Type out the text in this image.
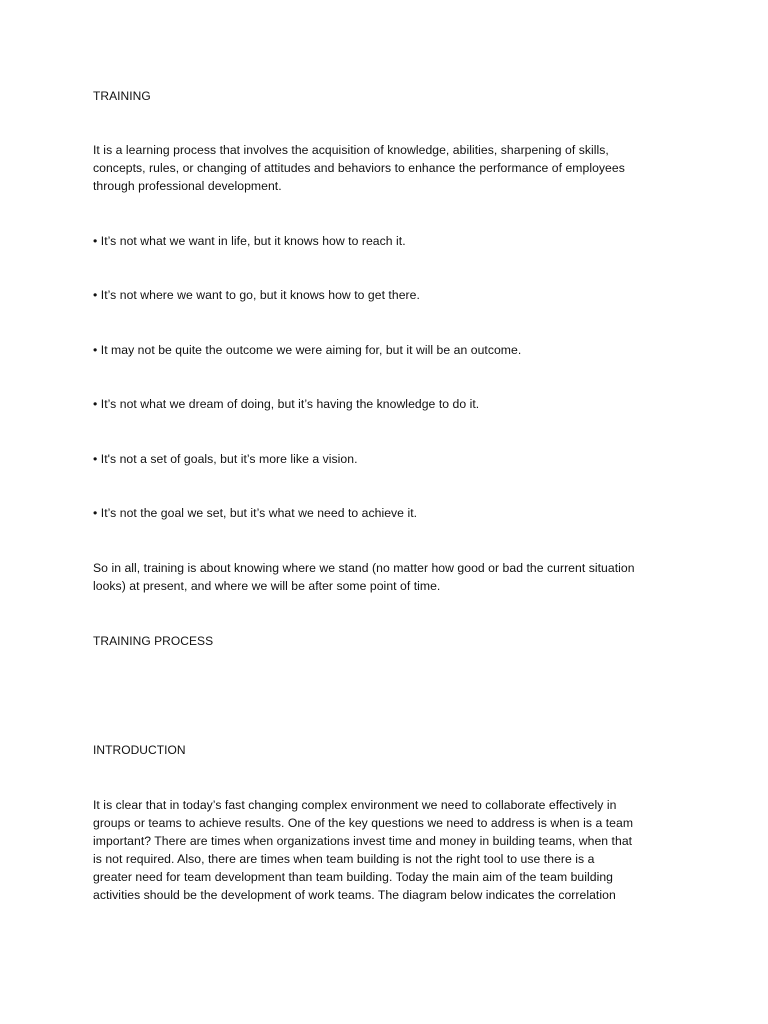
TRAINING
It is a learning process that involves the acquisition of knowledge, abilities, sharpening of skills,
concepts, rules, or changing of attitudes and behaviors to enhance the performance of employees
through professional development.
• It’s not what we want in life, but it knows how to reach it.
• It’s not where we want to go, but it knows how to get there.
• It may not be quite the outcome we were aiming for, but it will be an outcome.
• It’s not what we dream of doing, but it’s having the knowledge to do it.
• It's not a set of goals, but it’s more like a vision.
• It’s not the goal we set, but it’s what we need to achieve it.
So in all, training is about knowing where we stand (no matter how good or bad the current situation
looks) at present, and where we will be after some point of time.
TRAINING PROCESS
INTRODUCTION
It is clear that in today’s fast changing complex environment we need to collaborate effectively in
groups or teams to achieve results. One of the key questions we need to address is when is a team
important? There are times when organizations invest time and money in building teams, when that
is not required. Also, there are times when team building is not the right tool to use there is a
greater need for team development than team building. Today the main aim of the team building
activities should be the development of work teams. The diagram below indicates the correlation
